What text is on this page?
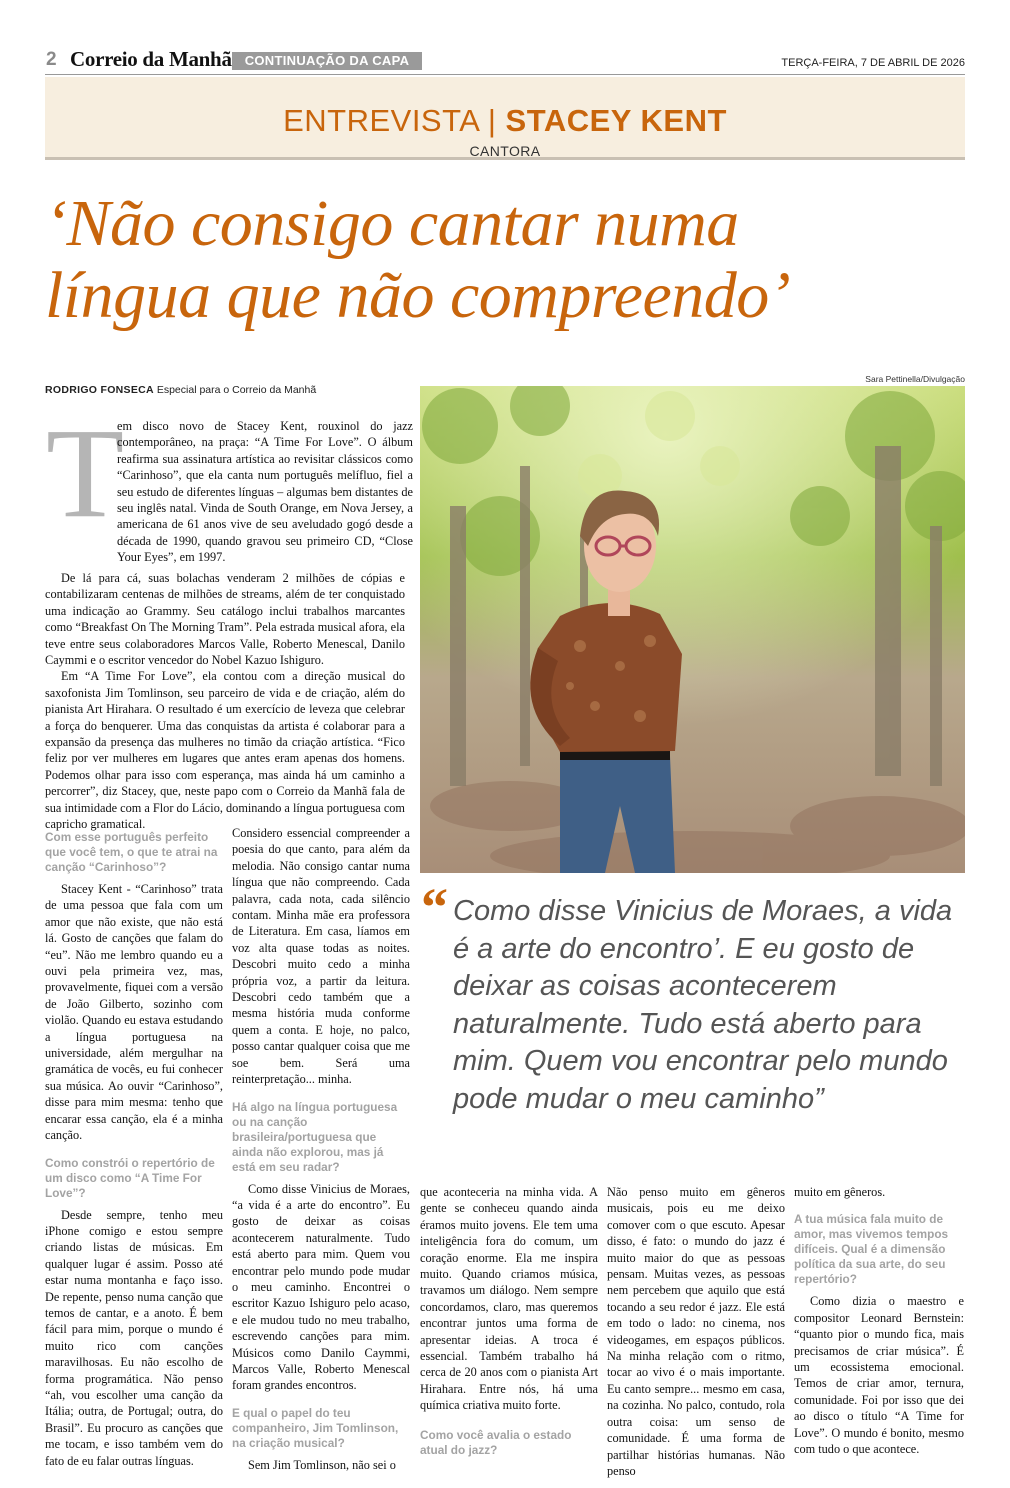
2 Correio da Manhã	CONTINUAÇÃO DA CAPA	TERÇA-FEIRA, 7 DE ABRIL DE 2026
ENTREVISTA | STACEY KENT
CANTORA
‘Não consigo cantar numa
língua que não compreendo’
RODRIGO FONSECA Especial para o Correio da Manhã
Sara Pettinella/Divulgação
T

em disco novo de Stacey Kent, rouxinol do jazz contemporâneo, na praça: “A Time For Love”. O álbum reafirma sua assinatura artística ao revisitar clássicos como “Carinhoso”, que ela canta num português melífluo, fiel a seu estudo de diferentes línguas – algumas bem distantes de seu inglês natal. Vinda de South Orange, em Nova Jersey, a americana de 61 anos vive de seu aveludado gogó desde a década de 1990, quando gravou seu primeiro CD, “Close Your Eyes”, em 1997.

De lá para cá, suas bolachas venderam 2 milhões de cópias e contabilizaram centenas de milhões de streams, além de ter conquistado uma indicação ao Grammy. Seu catálogo inclui trabalhos marcantes como “Breakfast On The Morning Tram”. Pela estrada musical afora, ela teve entre seus colaboradores Marcos Valle, Roberto Menescal, Danilo Caymmi e o escritor vencedor do Nobel Kazuo Ishiguro.

Em “A Time For Love”, ela contou com a direção musical do saxofonista Jim Tomlinson, seu parceiro de vida e de criação, além do pianista Art Hirahara. O resultado é um exercício de leveza que celebrar a força do benquerer. Uma das conquistas da artista é colaborar para a expansão da presença das mulheres no timão da criação artística. “Fico feliz por ver mulheres em lugares que antes eram apenas dos homens. Podemos olhar para isso com esperança, mas ainda há um caminho a percorrer”, diz Stacey, que, neste papo com o Correio da Manhã fala de sua intimidade com a Flor do Lácio, dominando a língua portuguesa com capricho gramatical.

Com esse português perfeito que você tem, o que te atrai na canção “Carinhoso”?

Stacey Kent - “Carinhoso” trata de uma pessoa que fala com um amor que não existe, que não está lá. Gosto de canções que falam do “eu”. Não me lembro quando eu a ouvi pela primeira vez, mas, provavelmente, fiquei com a versão de João Gilberto, sozinho com violão. Quando eu estava estudando a língua portuguesa na universidade, além mergulhar na gramática de vocês, eu fui conhecer sua música. Ao ouvir “Carinhoso”, disse para mim mesma: tenho que encarar essa canção, ela é a minha canção.

Como constrói o repertório de um disco como “A Time For Love”?

Desde sempre, tenho meu iPhone comigo e estou sempre criando listas de músicas. Em qualquer lugar é assim. Posso até estar numa montanha e faço isso. De repente, penso numa canção que temos de cantar, e a anoto. É bem fácil para mim, porque o mundo é muito rico com canções maravilhosas. Eu não escolho de forma programática. Não penso “ah, vou escolher uma canção da Itália; outra, de Portugal; outra, do Brasil”. Eu procuro as canções que me tocam, e isso também vem do fato de eu falar outras línguas.

Considero essencial compreender a poesia do que canto, para além da melodia. Não consigo cantar numa língua que não compreendo. Cada palavra, cada nota, cada silêncio contam. Minha mãe era professora de Literatura. Em casa, líamos em voz alta quase todas as noites. Descobri muito cedo a minha própria voz, a partir da leitura. Descobri cedo também que a mesma história muda conforme quem a conta. E hoje, no palco, posso cantar qualquer coisa que me soe bem. Será uma reinterpretação... minha.

Há algo na língua portuguesa ou na canção brasileira/portuguesa que ainda não explorou, mas já está em seu radar?

Como disse Vinicius de Moraes, “a vida é a arte do encontro”. Eu gosto de deixar as coisas acontecerem naturalmente. Tudo está aberto para mim. Quem vou encontrar pelo mundo pode mudar o meu caminho. Encontrei o escritor Kazuo Ishiguro pelo acaso, e ele mudou tudo no meu trabalho, escrevendo canções para mim. Músicos como Danilo Caymmi, Marcos Valle, Roberto Menescal foram grandes encontros.

E qual o papel do teu companheiro, Jim Tomlinson, na criação musical?

Sem Jim Tomlinson, não sei o

“ Como disse Vinicius de Moraes, a vida é a arte do encontro’. E eu gosto de deixar as coisas acontecerem naturalmente. Tudo está aberto para mim. Quem vou encontrar pelo mundo pode mudar o meu caminho”

que aconteceria na minha vida. A gente se conheceu quando ainda éramos muito jovens. Ele tem uma inteligência fora do comum, um coração enorme. Ela me inspira muito. Quando criamos música, travamos um diálogo. Nem sempre concordamos, claro, mas queremos encontrar juntos uma forma de apresentar ideias. A troca é essencial. Também trabalho há cerca de 20 anos com o pianista Art Hirahara. Entre nós, há uma química criativa muito forte.

Como você avalia o estado atual do jazz?

Não penso muito em gêneros musicais, pois eu me deixo comover com o que escuto. Apesar disso, é fato: o mundo do jazz é muito maior do que as pessoas pensam. Muitas vezes, as pessoas nem percebem que aquilo que está tocando a seu redor é jazz. Ele está em todo o lado: no cinema, nos videogames, em espaços públicos. Na minha relação com o ritmo, tocar ao vivo é o mais importante. Eu canto sempre... mesmo em casa, na cozinha. No palco, contudo, rola outra coisa: um senso de comunidade. É uma forma de partilhar histórias humanas. Não penso

muito em gêneros.

A tua música fala muito de amor, mas vivemos tempos difíceis. Qual é a dimensão política da sua arte, do seu repertório?

Como dizia o maestro e compositor Leonard Bernstein: “quanto pior o mundo fica, mais precisamos de criar música”. É um ecossistema emocional. Temos de criar amor, ternura, comunidade. Foi por isso que dei ao disco o título “A Time for Love”. O mundo é bonito, mesmo com tudo o que acontece.
